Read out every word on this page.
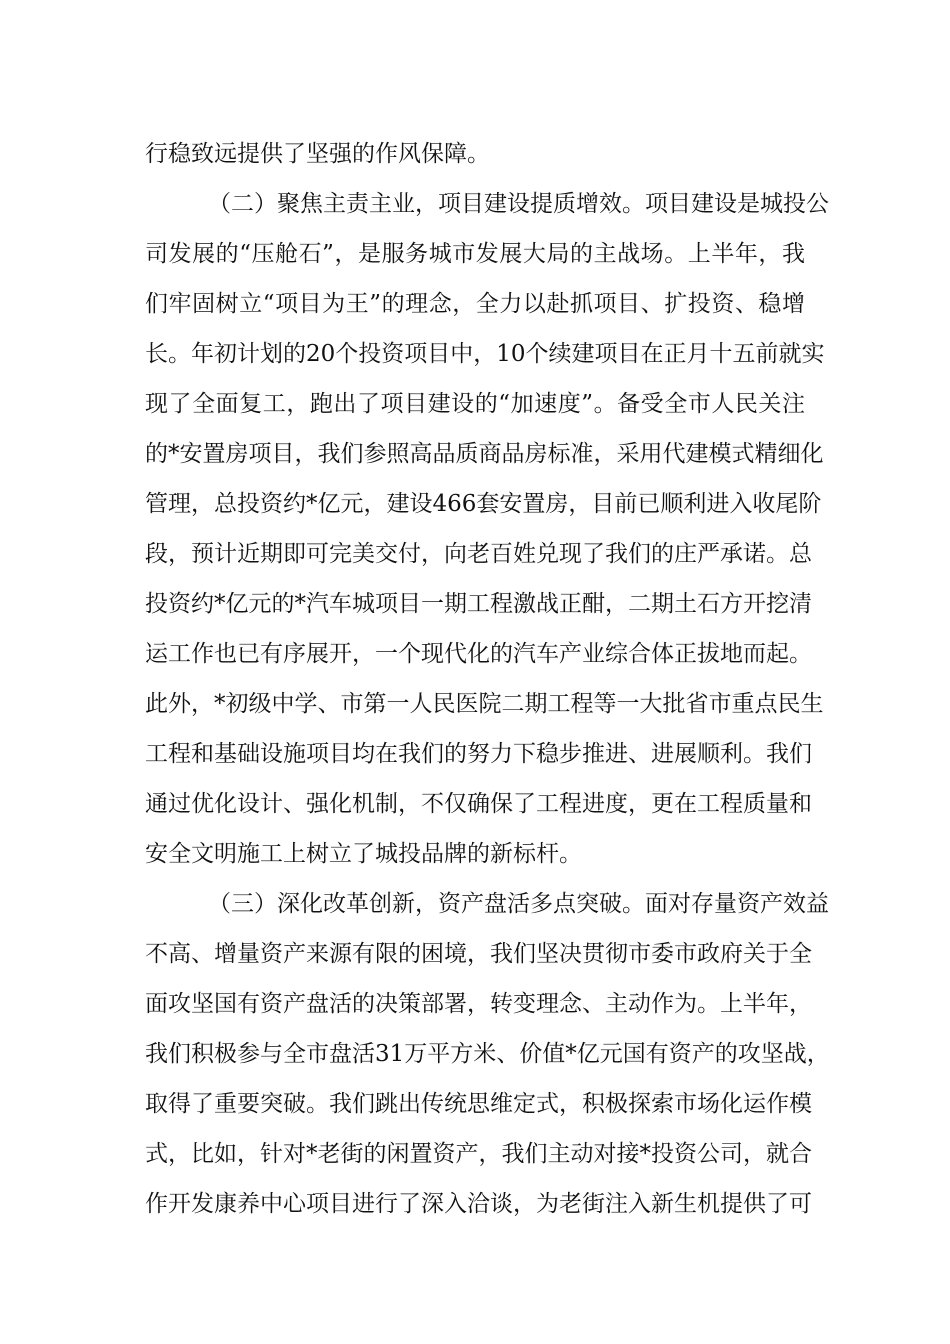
行稳致远提供了坚强的作风保障。
（二）聚焦主责主业，项目建设提质增效。项目建设是城投公
司发展的“压舱石”，是服务城市发展大局的主战场。上半年，我
们牢固树立“项目为王”的理念，全力以赴抓项目、扩投资、稳增
长。年初计划的20个投资项目中，10个续建项目在正月十五前就实
现了全面复工，跑出了项目建设的“加速度”。备受全市人民关注
的*安置房项目，我们参照高品质商品房标准，采用代建模式精细化
管理，总投资约*亿元，建设466套安置房，目前已顺利进入收尾阶
段，预计近期即可完美交付，向老百姓兑现了我们的庄严承诺。总
投资约*亿元的*汽车城项目一期工程激战正酣，二期土石方开挖清
运工作也已有序展开，一个现代化的汽车产业综合体正拔地而起。
此外，*初级中学、市第一人民医院二期工程等一大批省市重点民生
工程和基础设施项目均在我们的努力下稳步推进、进展顺利。我们
通过优化设计、强化机制，不仅确保了工程进度，更在工程质量和
安全文明施工上树立了城投品牌的新标杆。
（三）深化改革创新，资产盘活多点突破。面对存量资产效益
不高、增量资产来源有限的困境，我们坚决贯彻市委市政府关于全
面攻坚国有资产盘活的决策部署，转变理念、主动作为。上半年，
我们积极参与全市盘活31万平方米、价值*亿元国有资产的攻坚战，
取得了重要突破。我们跳出传统思维定式，积极探索市场化运作模
式，比如，针对*老街的闲置资产，我们主动对接*投资公司，就合
作开发康养中心项目进行了深入洽谈，为老街注入新生机提供了可
